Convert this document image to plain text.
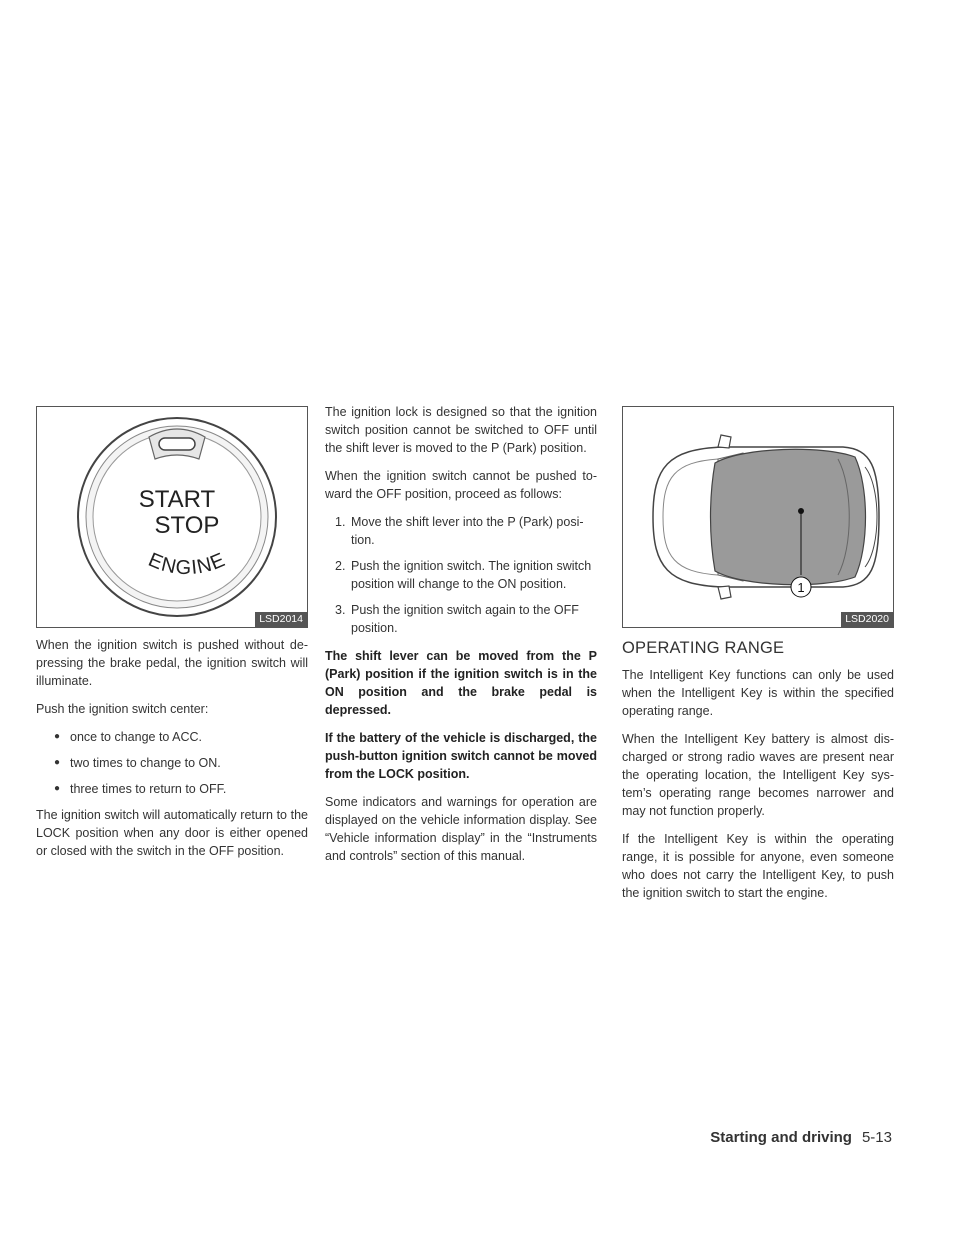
START
STOP
ENGINE
LSD2014

When the ignition switch is pushed without de-pressing the brake pedal, the ignition switch will illuminate.

Push the ignition switch center:

● once to change to ACC.
● two times to change to ON.
● three times to return to OFF.

The ignition switch will automatically return to the LOCK position when any door is either opened or closed with the switch in the OFF position.

The ignition lock is designed so that the ignition switch position cannot be switched to OFF until the shift lever is moved to the P (Park) position.

When the ignition switch cannot be pushed to-ward the OFF position, proceed as follows:

1. Move the shift lever into the P (Park) posi-tion.
2. Push the ignition switch. The ignition switch position will change to the ON position.
3. Push the ignition switch again to the OFF position.

The shift lever can be moved from the P (Park) position if the ignition switch is in the ON position and the brake pedal is depressed.

If the battery of the vehicle is discharged, the push-button ignition switch cannot be moved from the LOCK position.

Some indicators and warnings for operation are displayed on the vehicle information display. See “Vehicle information display” in the “Instruments and controls” section of this manual.

1
LSD2020
OPERATING RANGE

The Intelligent Key functions can only be used when the Intelligent Key is within the specified operating range.

When the Intelligent Key battery is almost dis-charged or strong radio waves are present near the operating location, the Intelligent Key sys-tem’s operating range becomes narrower and may not function properly.

If the Intelligent Key is within the operating range, it is possible for anyone, even someone who does not carry the Intelligent Key, to push the ignition switch to start the engine.

Starting and driving 5-13
